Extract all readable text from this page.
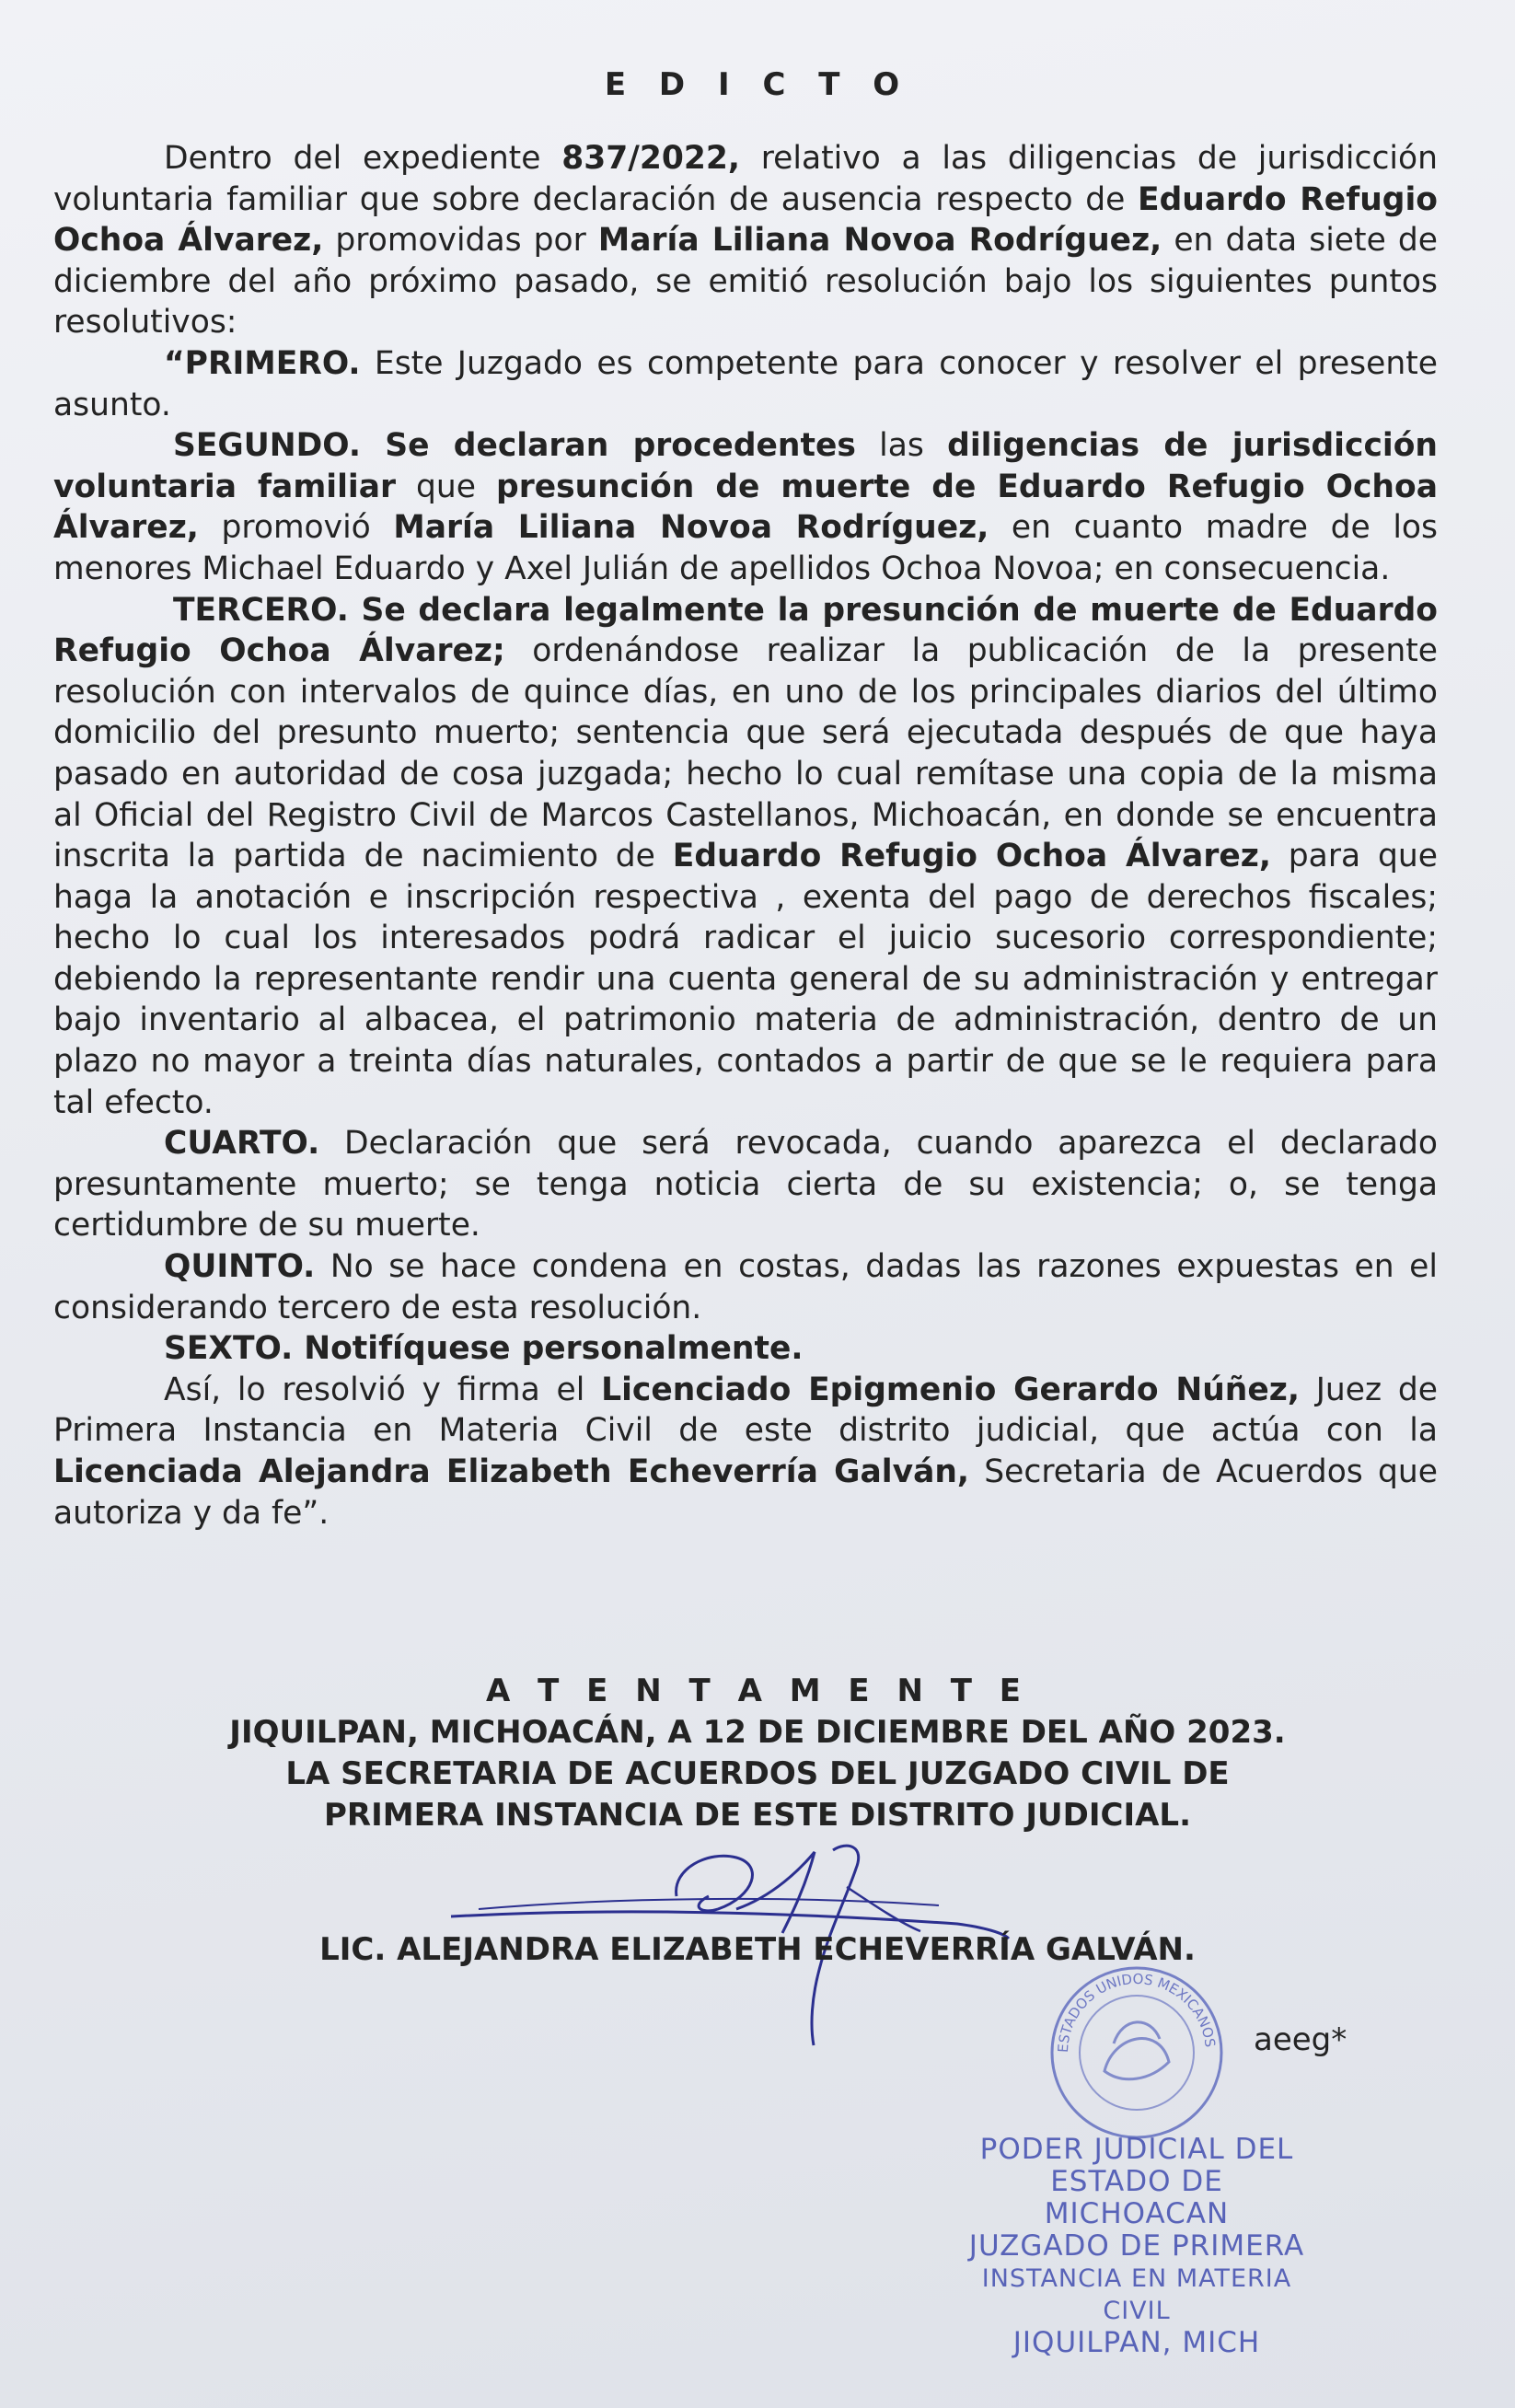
E D I C T O

Dentro del expediente 837/2022, relativo a las diligencias de jurisdicción voluntaria familiar que sobre declaración de ausencia respecto de Eduardo Refugio Ochoa Álvarez, promovidas por María Liliana Novoa Rodríguez, en data siete de diciembre del año próximo pasado, se emitió resolución bajo los siguientes puntos resolutivos:

“PRIMERO. Este Juzgado es competente para conocer y resolver el presente asunto.

SEGUNDO. Se declaran procedentes las diligencias de jurisdicción voluntaria familiar que presunción de muerte de Eduardo Refugio Ochoa Álvarez, promovió María Liliana Novoa Rodríguez, en cuanto madre de los menores Michael Eduardo y Axel Julián de apellidos Ochoa Novoa; en consecuencia.

TERCERO. Se declara legalmente la presunción de muerte de Eduardo Refugio Ochoa Álvarez; ordenándose realizar la publicación de la presente resolución con intervalos de quince días, en uno de los principales diarios del último domicilio del presunto muerto; sentencia que será ejecutada después de que haya pasado en autoridad de cosa juzgada; hecho lo cual remítase una copia de la misma al Oficial del Registro Civil de Marcos Castellanos, Michoacán, en donde se encuentra inscrita la partida de nacimiento de Eduardo Refugio Ochoa Álvarez, para que haga la anotación e inscripción respectiva , exenta del pago de derechos fiscales; hecho lo cual los interesados podrá radicar el juicio sucesorio correspondiente; debiendo la representante rendir una cuenta general de su administración y entregar bajo inventario al albacea, el patrimonio materia de administración, dentro de un plazo no mayor a treinta días naturales, contados a partir de que se le requiera para tal efecto.

CUARTO. Declaración que será revocada, cuando aparezca el declarado presuntamente muerto; se tenga noticia cierta de su existencia; o, se tenga certidumbre de su muerte.

QUINTO. No se hace condena en costas, dadas las razones expuestas en el considerando tercero de esta resolución.

SEXTO. Notifíquese personalmente.

Así, lo resolvió y firma el Licenciado Epigmenio Gerardo Núñez, Juez de Primera Instancia en Materia Civil de este distrito judicial, que actúa con la Licenciada Alejandra Elizabeth Echeverría Galván, Secretaria de Acuerdos que autoriza y da fe”.

A T E N T A M E N T E
JIQUILPAN, MICHOACÁN, A 12 DE DICIEMBRE DEL AÑO 2023.
LA SECRETARIA DE ACUERDOS DEL JUZGADO CIVIL DE
PRIMERA INSTANCIA DE ESTE DISTRITO JUDICIAL.
ESTADOS UNIDOS MEXICANOS
LIC. ALEJANDRA ELIZABETH ECHEVERRÍA GALVÁN.
aeeg*
PODER JUDICIAL DEL
ESTADO DE MICHOACAN
JUZGADO DE PRIMERA
INSTANCIA EN MATERIA CIVIL
JIQUILPAN, MICH
